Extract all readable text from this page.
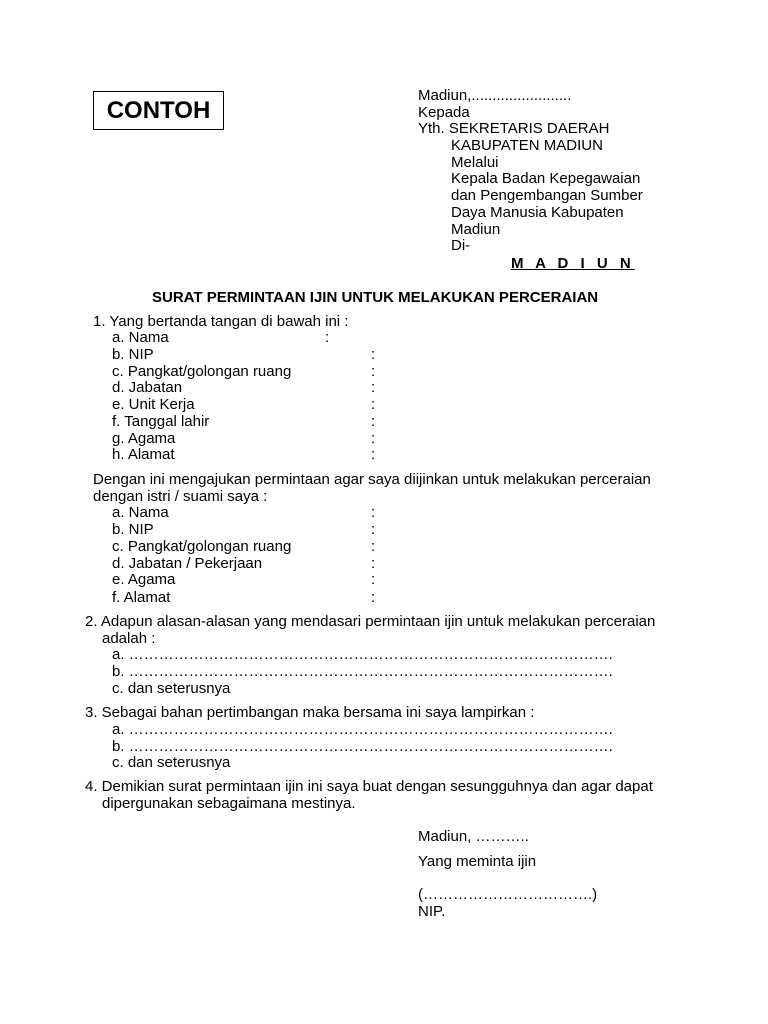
CONTOH
Madiun,........................
Kepada
Yth. SEKRETARIS DAERAH
KABUPATEN MADIUN
Melalui
Kepala Badan Kepegawaian
dan Pengembangan Sumber
Daya Manusia Kabupaten
Madiun
Di-
M A D I U N
SURAT PERMINTAAN IJIN UNTUK MELAKUKAN PERCERAIAN
1. Yang bertanda tangan di bawah ini :
a. Nama	:
b. NIP	:
c. Pangkat/golongan ruang	:
d. Jabatan	:
e. Unit Kerja	:
f. Tanggal lahir	:
g. Agama	:
h. Alamat	:
Dengan ini mengajukan permintaan agar saya diijinkan untuk melakukan perceraian
dengan istri / suami saya :
a. Nama	:
b. NIP	:
c. Pangkat/golongan ruang	:
d. Jabatan / Pekerjaan	:
e. Agama	:
f. Alamat	:
2. Adapun alasan-alasan yang mendasari permintaan ijin untuk melakukan perceraian
adalah :
a. …………………………………………………………………………………….
b. …………………………………………………………………………………….
c. dan seterusnya
3. Sebagai bahan pertimbangan maka bersama ini saya lampirkan :
a. …………………………………………………………………………………….
b. …………………………………………………………………………………….
c. dan seterusnya
4. Demikian surat permintaan ijin ini saya buat dengan sesungguhnya dan agar dapat
dipergunakan sebagaimana mestinya.
Madiun, ………..
Yang meminta ijin
(…………………………….)
NIP.
